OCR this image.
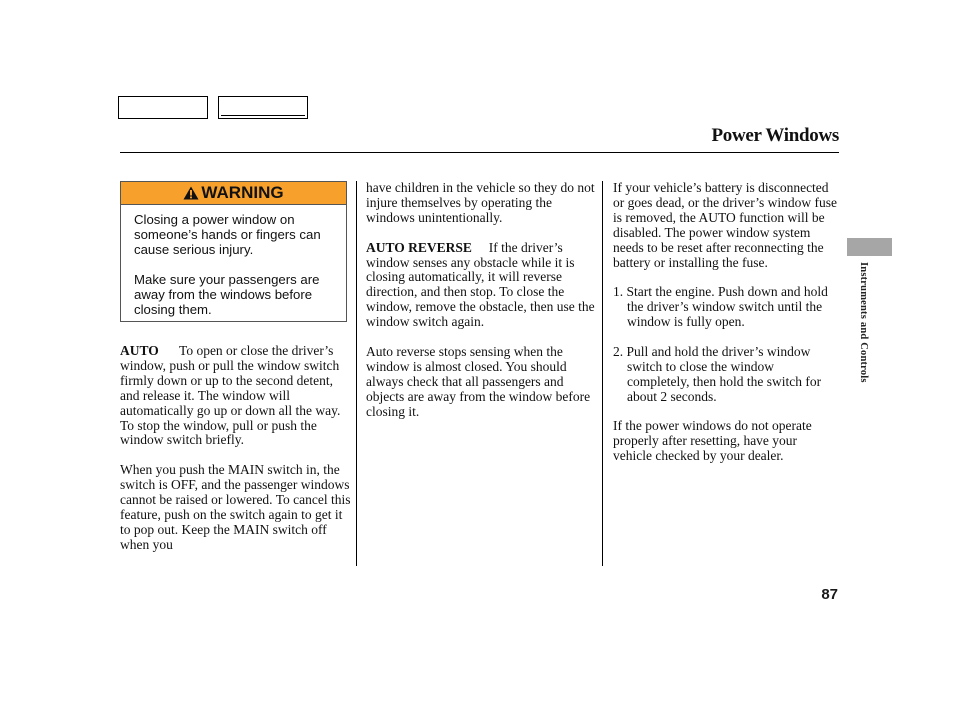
Power Windows
Instruments and Controls
WARNING

Closing a power window on someone’s hands or fingers can cause serious injury.

Make sure your passengers are away from the windows before closing them.

AUTO To open or close the driver’s window, push or pull the window switch firmly down or up to the second detent, and release it. The window will automatically go up or down all the way. To stop the window, pull or push the window switch briefly.

When you push the MAIN switch in, the switch is OFF, and the passenger windows cannot be raised or lowered. To cancel this feature, push on the switch again to get it to pop out. Keep the MAIN switch off when you

have children in the vehicle so they do not injure themselves by operating the windows unintentionally.

AUTO REVERSE If the driver’s window senses any obstacle while it is closing automatically, it will reverse direction, and then stop. To close the window, remove the obstacle, then use the window switch again.

Auto reverse stops sensing when the window is almost closed. You should always check that all passengers and objects are away from the window before closing it.

If your vehicle’s battery is disconnected or goes dead, or the driver’s window fuse is removed, the AUTO function will be disabled. The power window system needs to be reset after reconnecting the battery or installing the fuse.

1. Start the engine. Push down and hold the driver’s window switch until the window is fully open.
2. Pull and hold the driver’s window switch to close the window completely, then hold the switch for about 2 seconds.

If the power windows do not operate properly after resetting, have your vehicle checked by your dealer.

87
